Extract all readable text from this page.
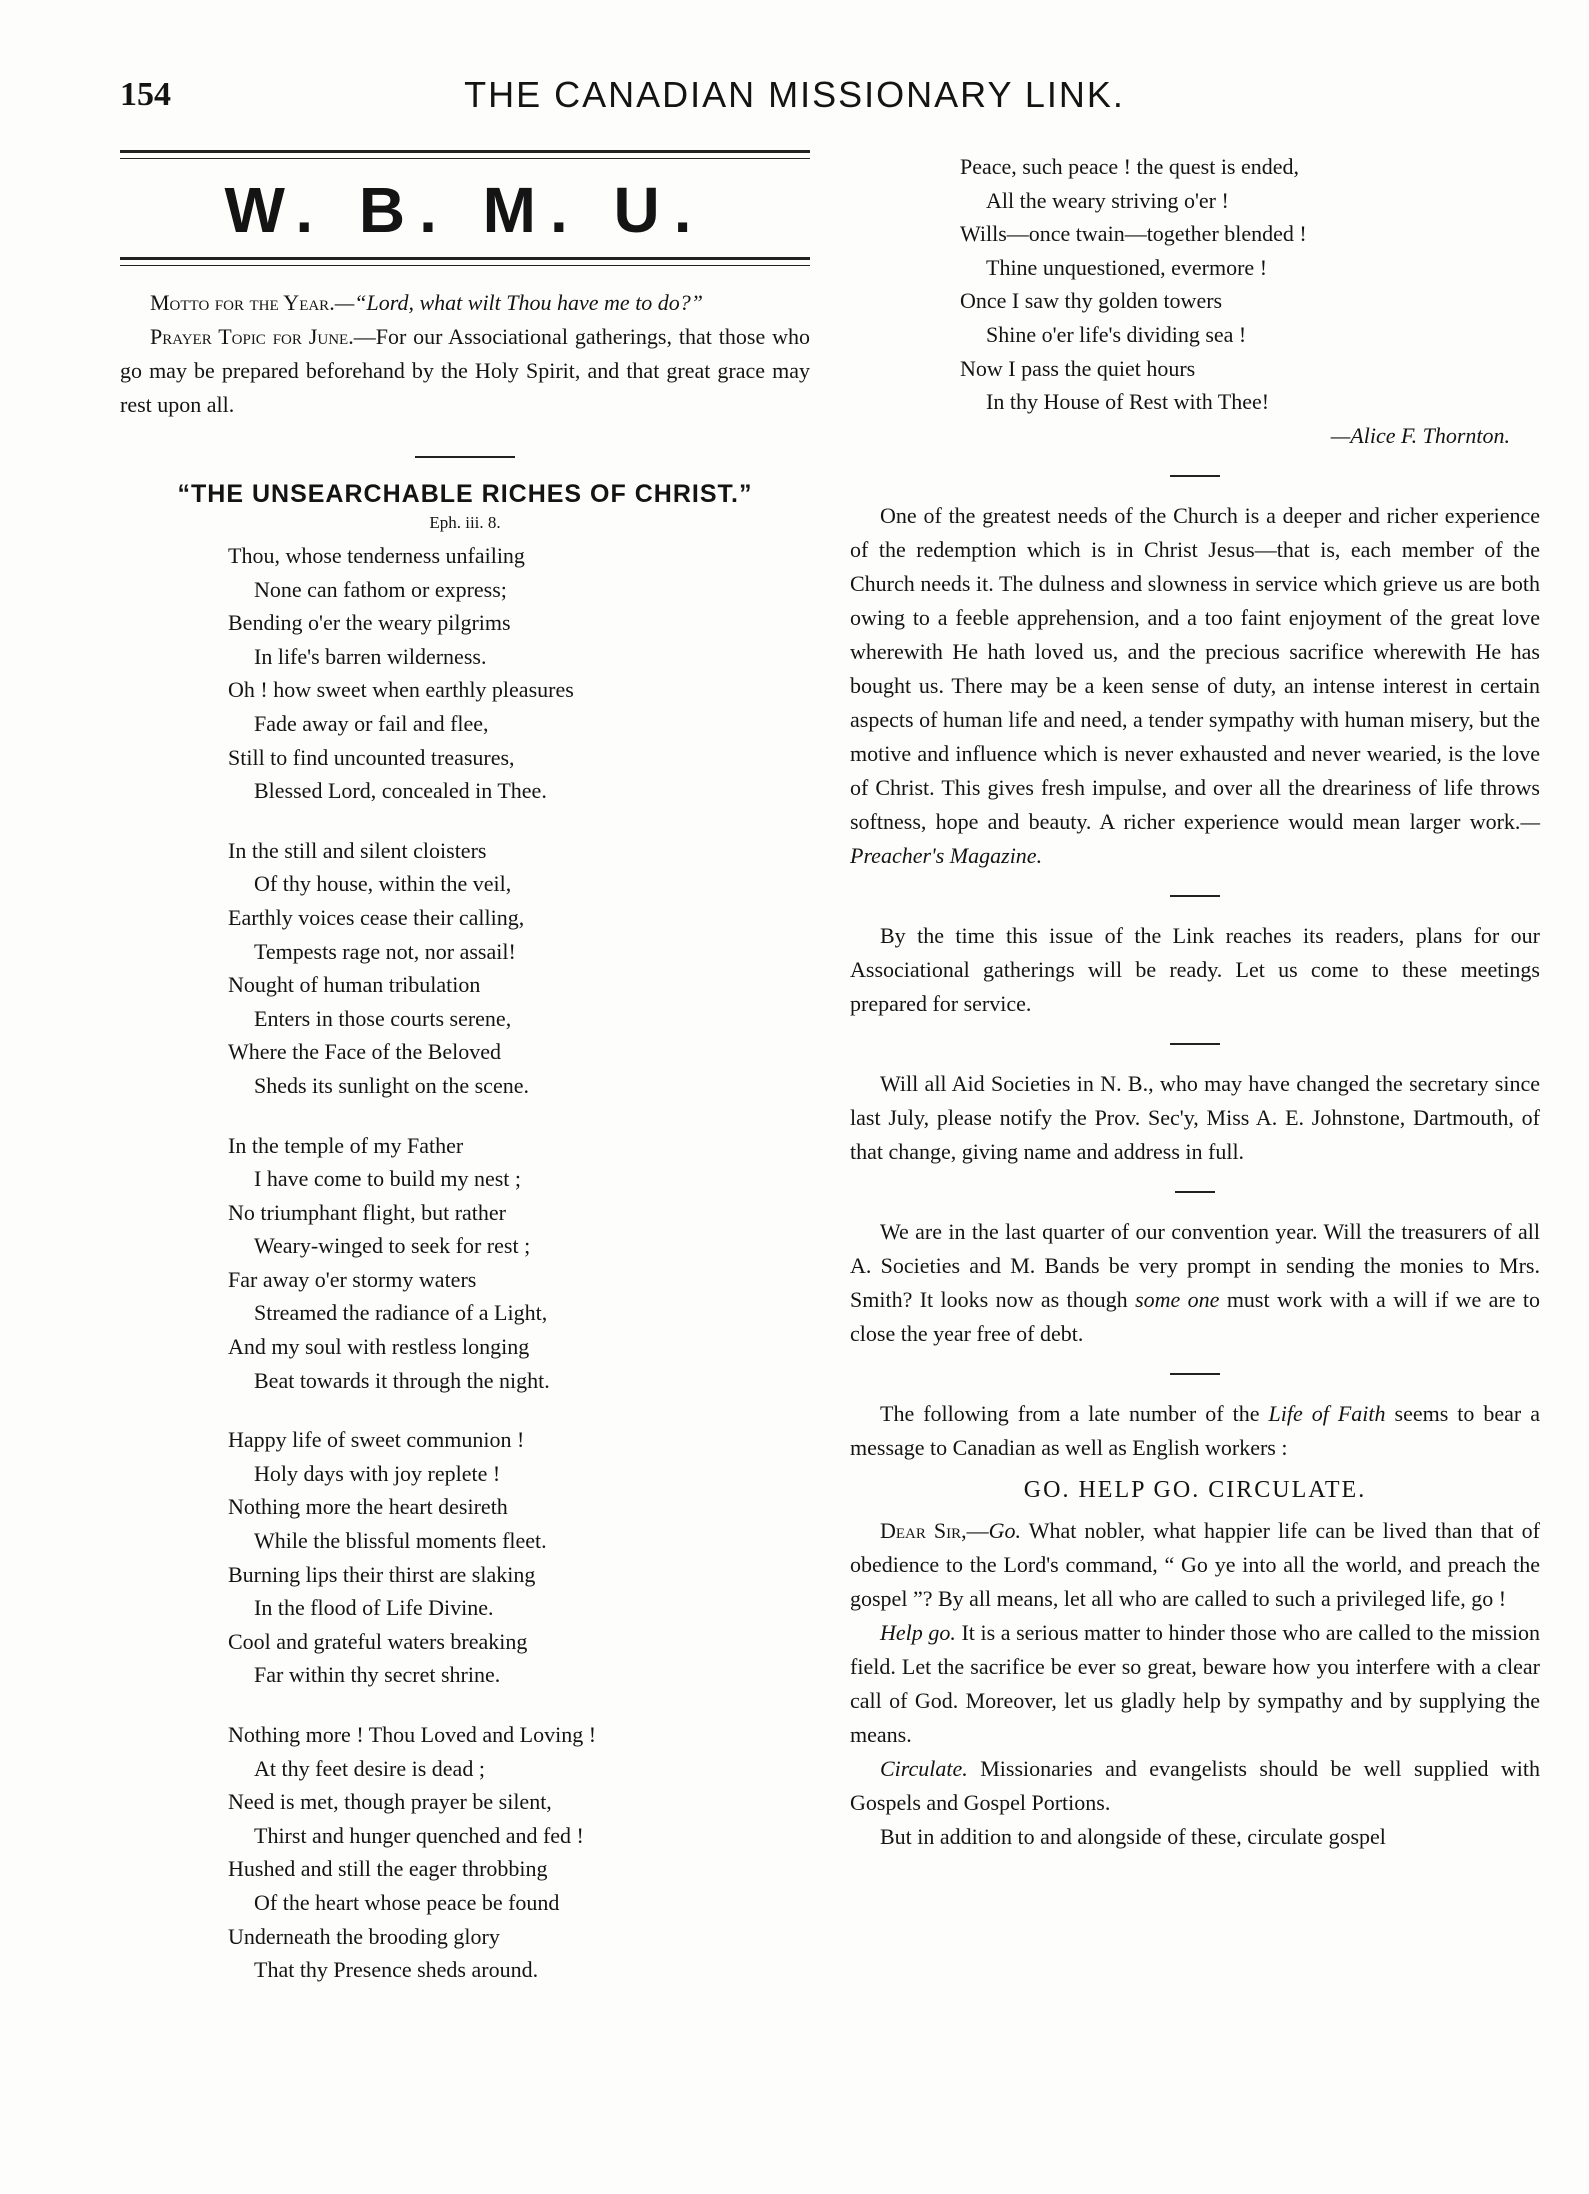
154	THE CANADIAN MISSIONARY LINK.
W. B. M. U.

Motto for the Year.—“Lord, what wilt Thou have me to do?”

Prayer Topic for June.—For our Associational gatherings, that those who go may be prepared beforehand by the Holy Spirit, and that great grace may rest upon all.

“THE UNSEARCHABLE RICHES OF CHRIST.”
Eph. iii. 8.
Thou, whose tenderness unfailing
None can fathom or express;
Bending o'er the weary pilgrims
In life's barren wilderness.
Oh ! how sweet when earthly pleasures
Fade away or fail and flee,
Still to find uncounted treasures,
Blessed Lord, concealed in Thee.
In the still and silent cloisters
Of thy house, within the veil,
Earthly voices cease their calling,
Tempests rage not, nor assail!
Nought of human tribulation
Enters in those courts serene,
Where the Face of the Beloved
Sheds its sunlight on the scene.
In the temple of my Father
I have come to build my nest ;
No triumphant flight, but rather
Weary-winged to seek for rest ;
Far away o'er stormy waters
Streamed the radiance of a Light,
And my soul with restless longing
Beat towards it through the night.
Happy life of sweet communion !
Holy days with joy replete !
Nothing more the heart desireth
While the blissful moments fleet.
Burning lips their thirst are slaking
In the flood of Life Divine.
Cool and grateful waters breaking
Far within thy secret shrine.
Nothing more ! Thou Loved and Loving !
At thy feet desire is dead ;
Need is met, though prayer be silent,
Thirst and hunger quenched and fed !
Hushed and still the eager throbbing
Of the heart whose peace be found
Underneath the brooding glory
That thy Presence sheds around.
Peace, such peace ! the quest is ended,
All the weary striving o'er !
Wills—once twain—together blended !
Thine unquestioned, evermore !
Once I saw thy golden towers
Shine o'er life's dividing sea !
Now I pass the quiet hours
In thy House of Rest with Thee!
—Alice F. Thornton.

One of the greatest needs of the Church is a deeper and richer experience of the redemption which is in Christ Jesus—that is, each member of the Church needs it. The dulness and slowness in service which grieve us are both owing to a feeble apprehension, and a too faint enjoyment of the great love wherewith He hath loved us, and the precious sacrifice wherewith He has bought us. There may be a keen sense of duty, an intense interest in certain aspects of human life and need, a tender sympathy with human misery, but the motive and influence which is never exhausted and never wearied, is the love of Christ. This gives fresh impulse, and over all the dreariness of life throws softness, hope and beauty. A richer experience would mean larger work.—Preacher's Magazine.

By the time this issue of the Link reaches its readers, plans for our Associational gatherings will be ready. Let us come to these meetings prepared for service.

Will all Aid Societies in N. B., who may have changed the secretary since last July, please notify the Prov. Sec'y, Miss A. E. Johnstone, Dartmouth, of that change, giving name and address in full.

We are in the last quarter of our convention year. Will the treasurers of all A. Societies and M. Bands be very prompt in sending the monies to Mrs. Smith? It looks now as though some one must work with a will if we are to close the year free of debt.

The following from a late number of the Life of Faith seems to bear a message to Canadian as well as English workers :

GO. HELP GO. CIRCULATE.

Dear Sir,—Go. What nobler, what happier life can be lived than that of obedience to the Lord's command, “ Go ye into all the world, and preach the gospel ”? By all means, let all who are called to such a privileged life, go !

Help go. It is a serious matter to hinder those who are called to the mission field. Let the sacrifice be ever so great, beware how you interfere with a clear call of God. Moreover, let us gladly help by sympathy and by supplying the means.

Circulate. Missionaries and evangelists should be well supplied with Gospels and Gospel Portions.

But in addition to and alongside of these, circulate gospel
